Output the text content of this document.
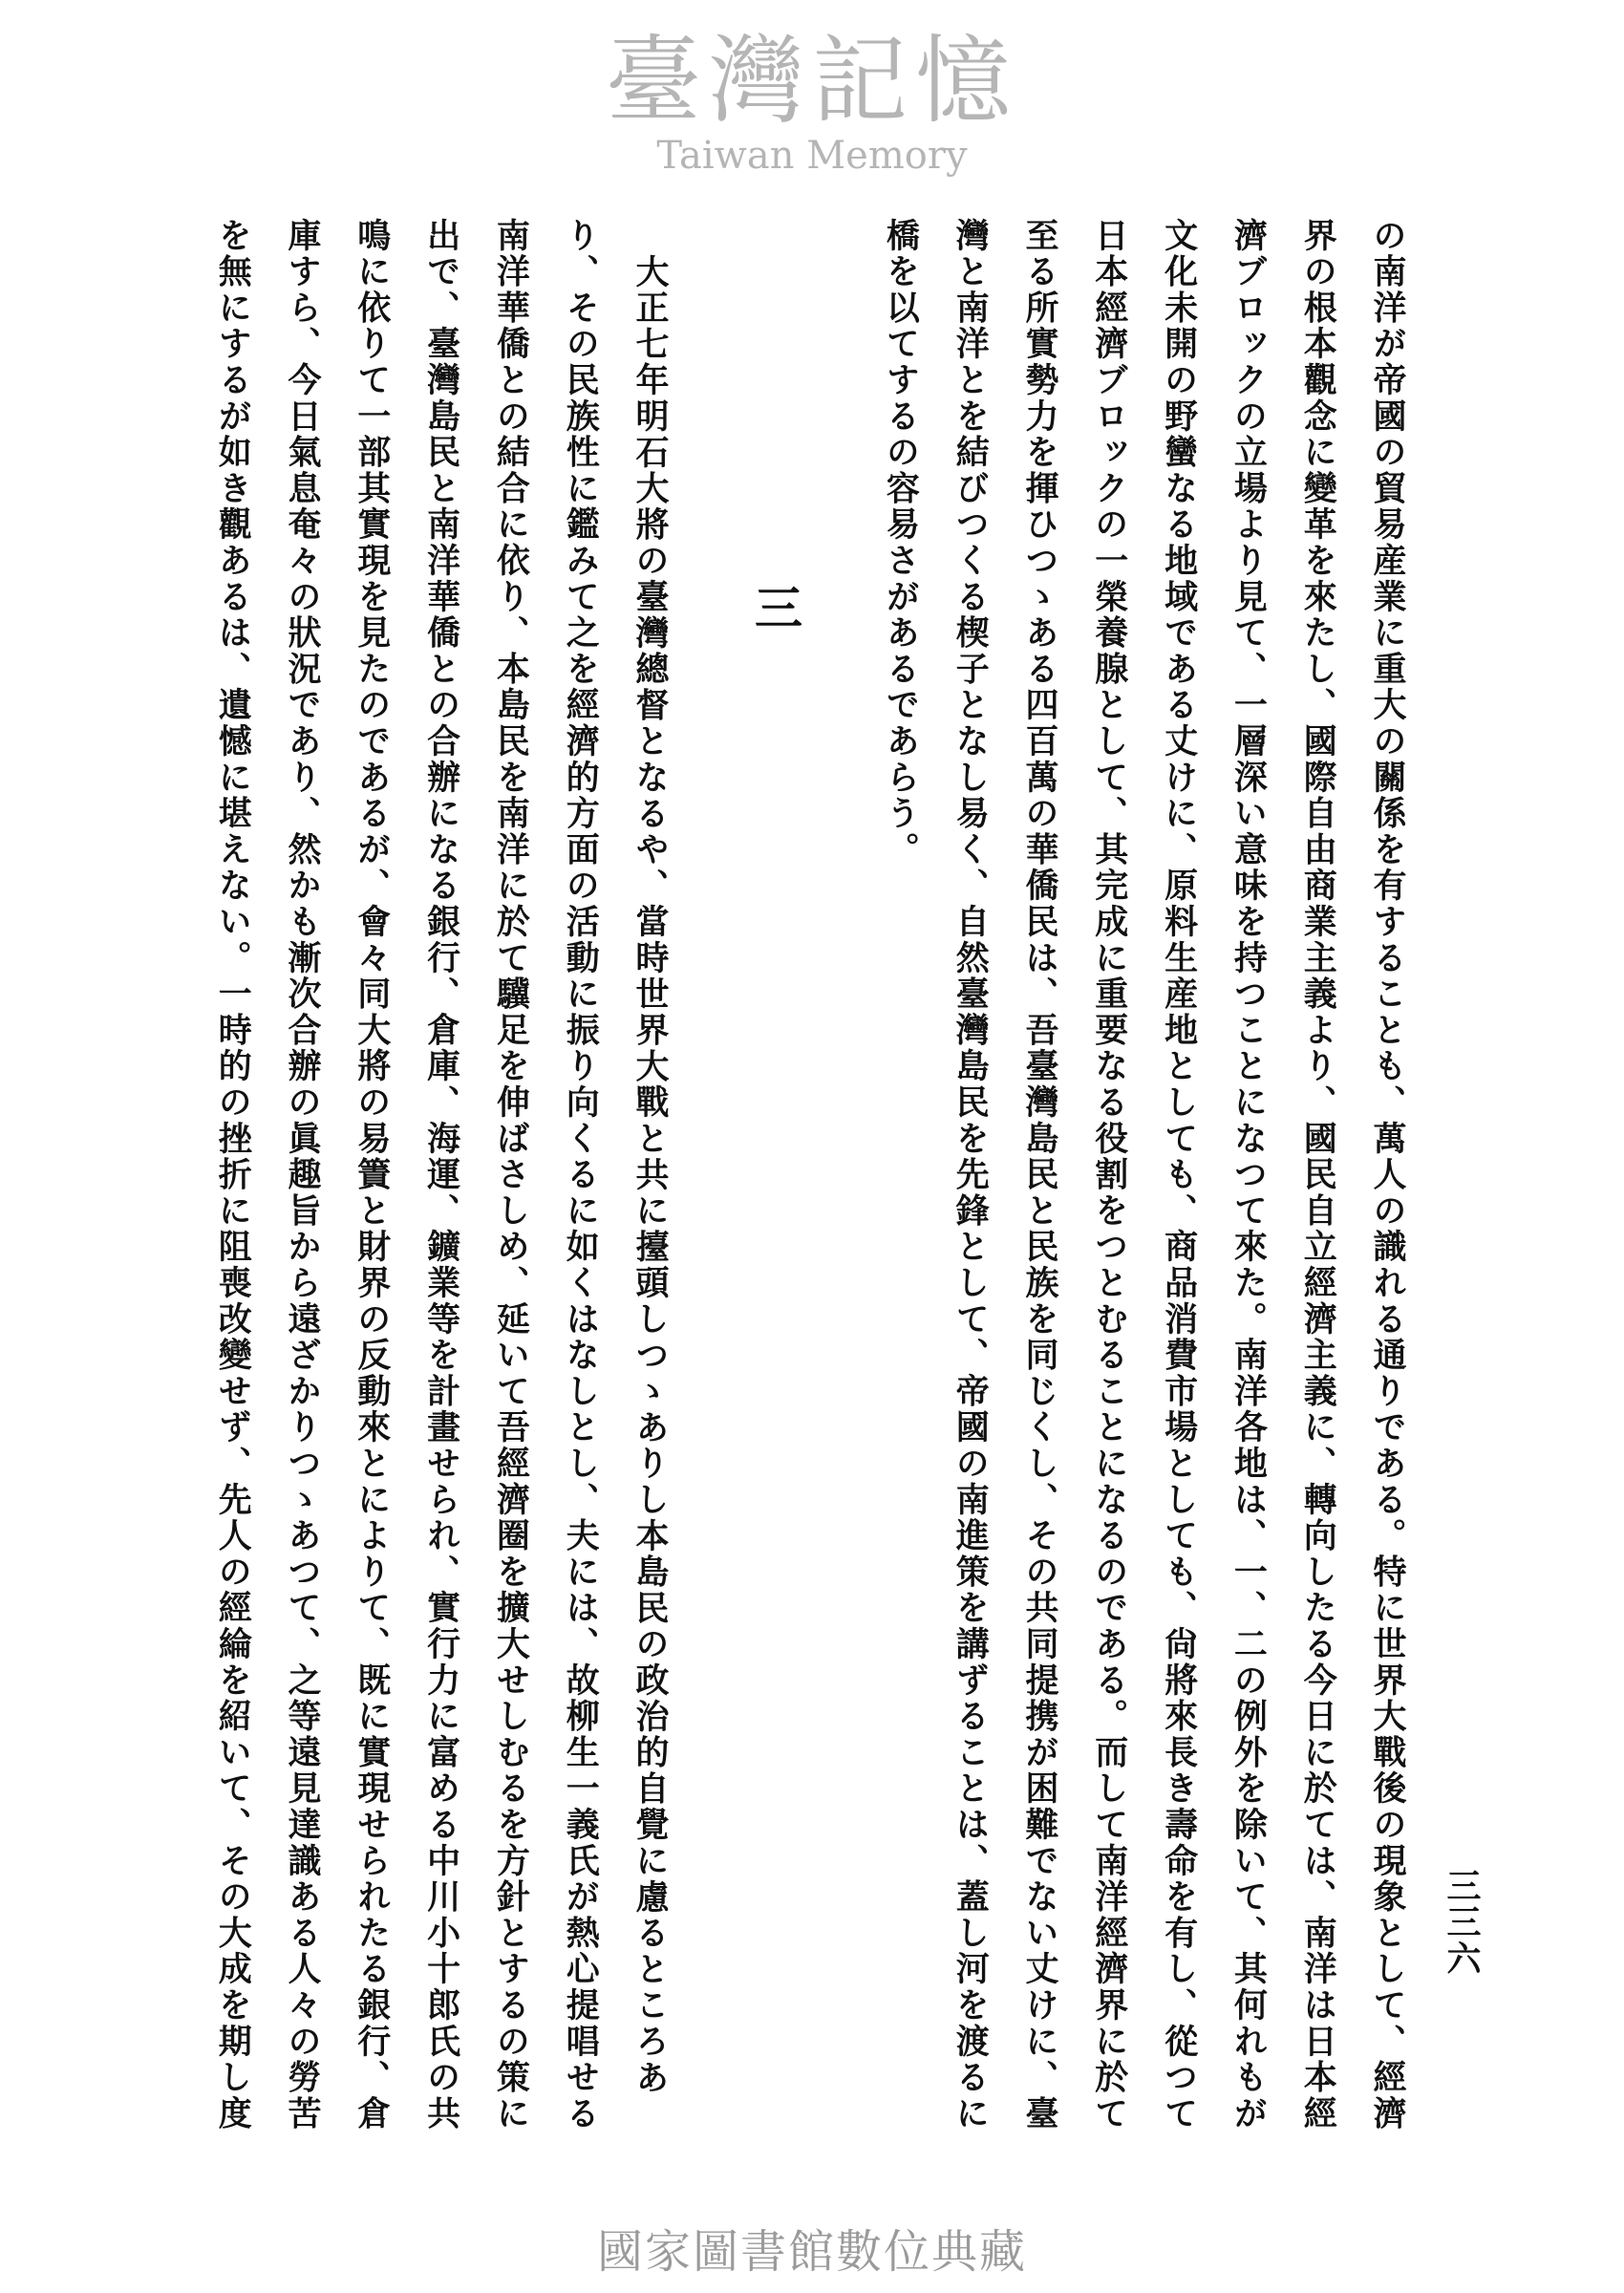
三三六
の南洋が帝國の貿易産業に重大の關係を有することも、萬人の識れる通りである。特に世界大戰後の現象として、經濟
界の根本觀念に變革を來たし、國際自由商業主義より、國民自立經濟主義に、轉向したる今日に於ては、南洋は日本經
濟ブロックの立場より見て、一層深い意味を持つことになつて來た。南洋各地は、一、二の例外を除いて、其何れもが
文化未開の野蠻なる地域である丈けに、原料生産地としても、商品消費市場としても、尙將來長き壽命を有し、從つて
日本經濟ブロックの一榮養腺として、其完成に重要なる役割をつとむることになるのである。而して南洋經濟界に於て
至る所實勢力を揮ひつゝある四百萬の華僑民は、吾臺灣島民と民族を同じくし、その共同提携が困難でない丈けに、臺
灣と南洋とを結びつくる楔子となし易く、自然臺灣島民を先鋒として、帝國の南進策を講ずることは、蓋し河を渡るに
橋を以てするの容易さがあるであらう。
三
大正七年明石大將の臺灣總督となるや、當時世界大戰と共に擡頭しつゝありし本島民の政治的自覺に慮るところあ
り、その民族性に鑑みて之を經濟的方面の活動に振り向くるに如くはなしとし、夫には、故柳生一義氏が熱心提唱せる
南洋華僑との結合に依り、本島民を南洋に於て驥足を伸ばさしめ、延いて吾經濟圈を擴大せしむるを方針とするの策に
出で、臺灣島民と南洋華僑との合辦になる銀行、倉庫、海運、鑛業等を計畫せられ、實行力に富める中川小十郎氏の共
鳴に依りて一部其實現を見たのであるが、會々同大將の易簀と財界の反動來とによりて、既に實現せられたる銀行、倉
庫すら、今日氣息奄々の狀況であり、然かも漸次合辦の眞趣旨から遠ざかりつゝあつて、之等遠見達識ある人々の勞苦
を無にするが如き觀あるは、遺憾に堪えない。一時的の挫折に阻喪改變せず、先人の經綸を紹いて、その大成を期し度
臺灣記憶
Taiwan Memory
國家圖書館數位典藏
